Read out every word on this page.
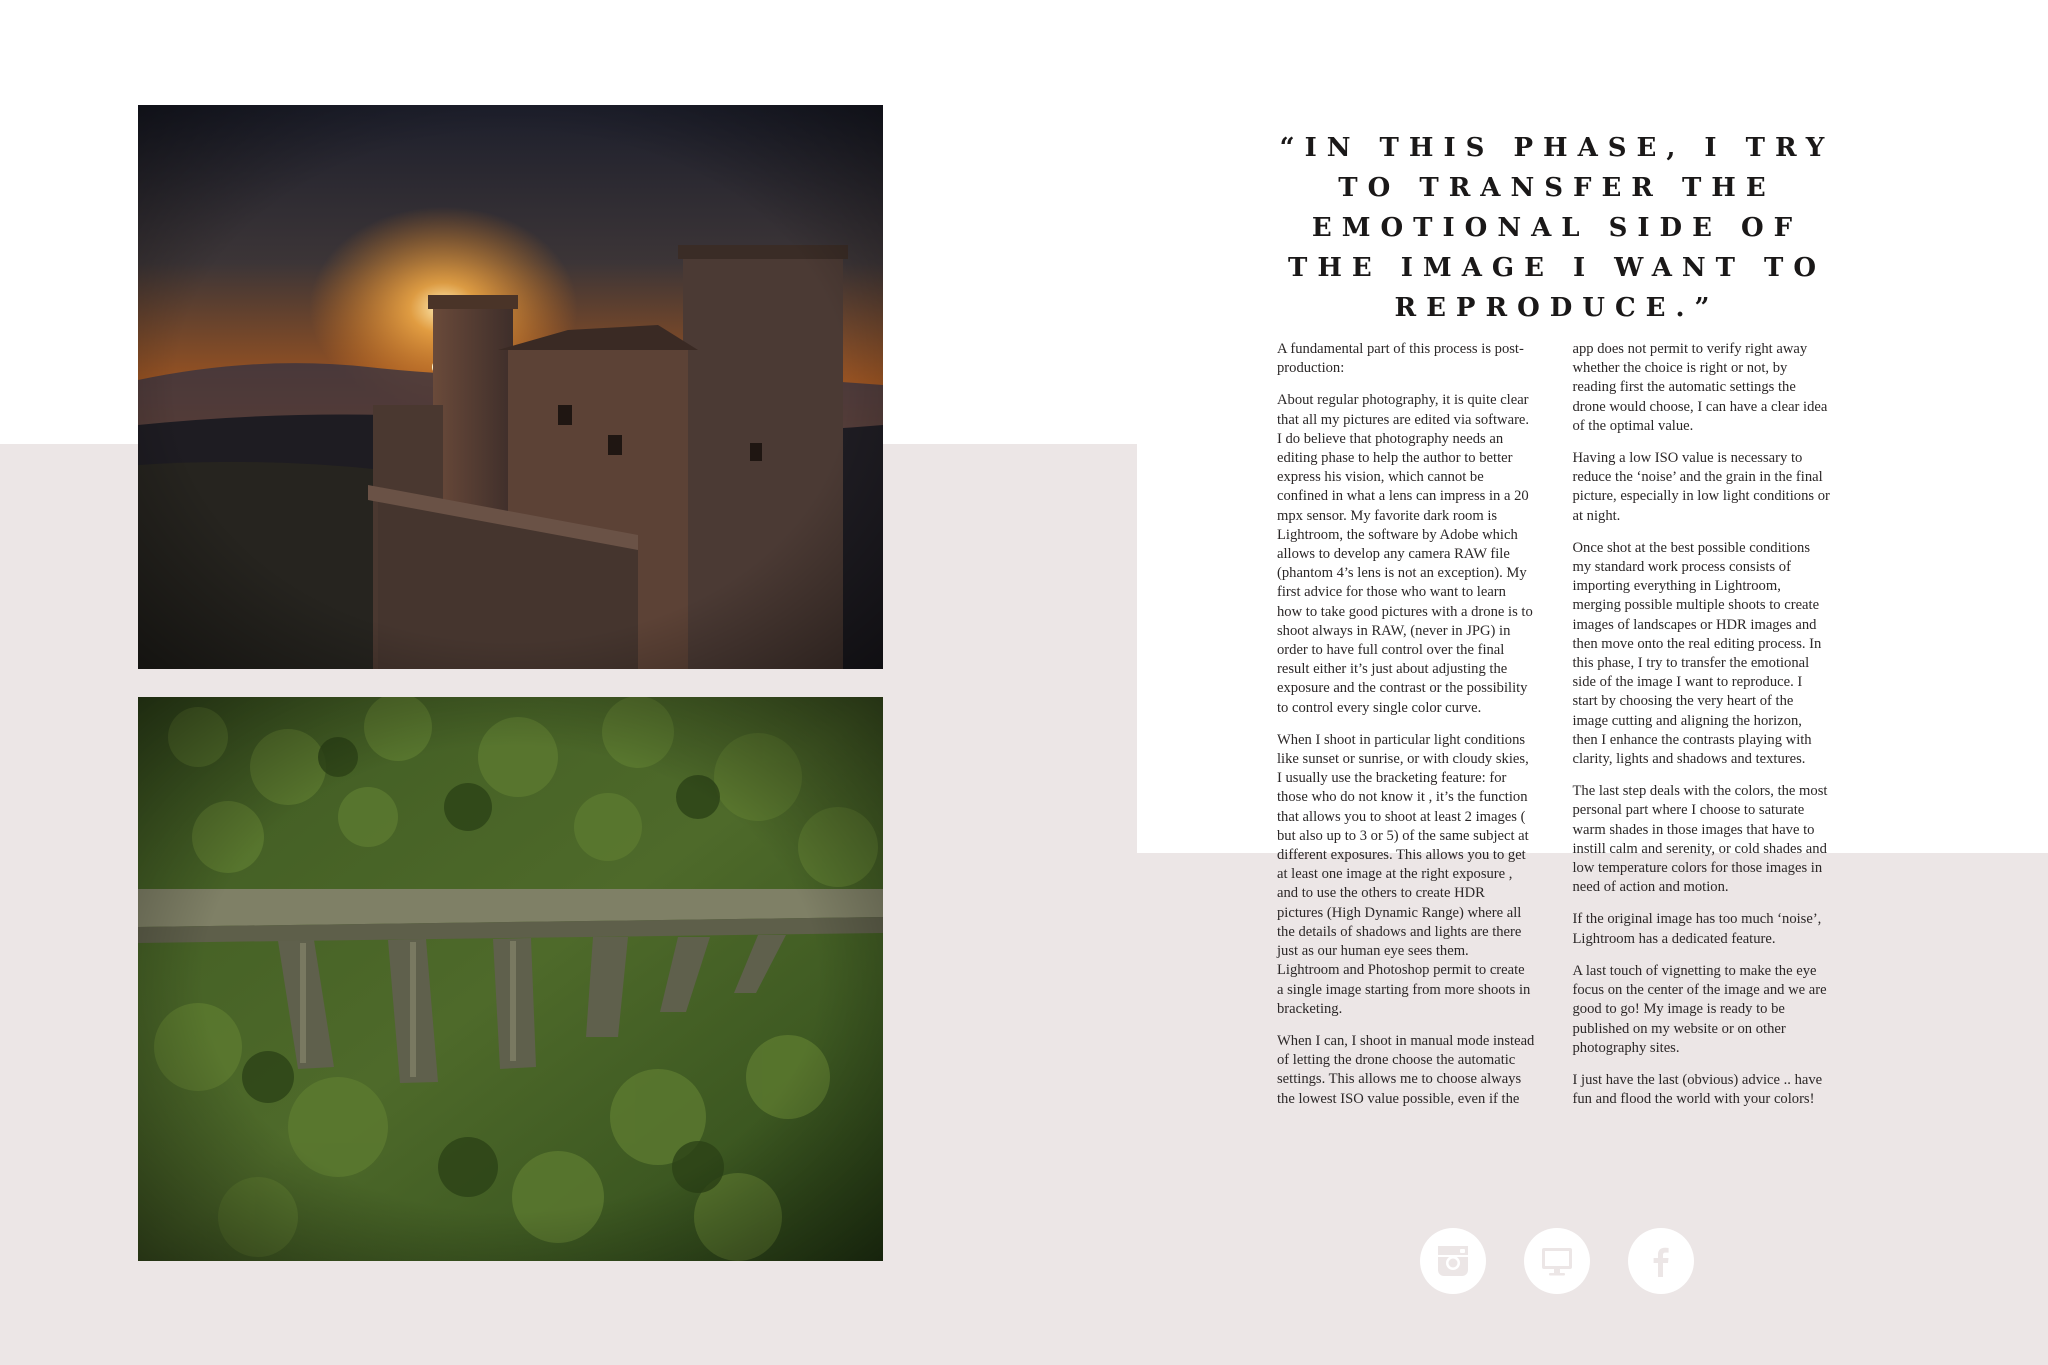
“IN THIS PHASE, I TRY TO TRANSFER THE EMOTIONAL SIDE OF THE IMAGE I WANT TO REPRODUCE.”

A fundamental part of this process is post-production:

About regular photography, it is quite clear that all my pictures are edited via software. I do believe that photography needs an editing phase to help the author to better express his vision, which cannot be confined in what a lens can impress in a 20 mpx sensor. My favorite dark room is Lightroom, the software by Adobe which allows to develop any camera RAW file (phantom 4’s lens is not an exception). My first advice for those who want to learn how to take good pictures with a drone is to shoot always in RAW, (never in JPG) in order to have full control over the final result either it’s just about adjusting the exposure and the contrast or the possibility to control every single color curve.

When I shoot in particular light conditions like sunset or sunrise, or with cloudy skies, I usually use the bracketing feature: for those who do not know it , it’s the function that allows you to shoot at least 2 images ( but also up to 3 or 5) of the same subject at different exposures. This allows you to get at least one image at the right exposure , and to use the others to create HDR pictures (High Dynamic Range) where all the details of shadows and lights are there just as our human eye sees them. Lightroom and Photoshop permit to create a single image starting from more shoots in bracketing.

When I can, I shoot in manual mode instead of letting the drone choose the automatic settings. This allows me to choose always the lowest ISO value possible, even if the app does not permit to verify right away whether the choice is right or not, by reading first the automatic settings the drone would choose, I can have a clear idea of the optimal value.

Having a low ISO value is necessary to reduce the ‘noise’ and the grain in the final picture, especially in low light conditions or at night.

Once shot at the best possible conditions my standard work process consists of importing everything in Lightroom, merging possible multiple shoots to create images of landscapes or HDR images and then move onto the real editing process. In this phase, I try to transfer the emotional side of the image I want to reproduce. I start by choosing the very heart of the image cutting and aligning the horizon, then I enhance the contrasts playing with clarity, lights and shadows and textures.

The last step deals with the colors, the most personal part where I choose to saturate warm shades in those images that have to instill calm and serenity, or cold shades and low temperature colors for those images in need of action and motion.

If the original image has too much ‘noise’, Lightroom has a dedicated feature.

A last touch of vignetting to make the eye focus on the center of the image and we are good to go! My image is ready to be published on my website or on other photography sites.

I just have the last (obvious) advice .. have fun and flood the world with your colors!
